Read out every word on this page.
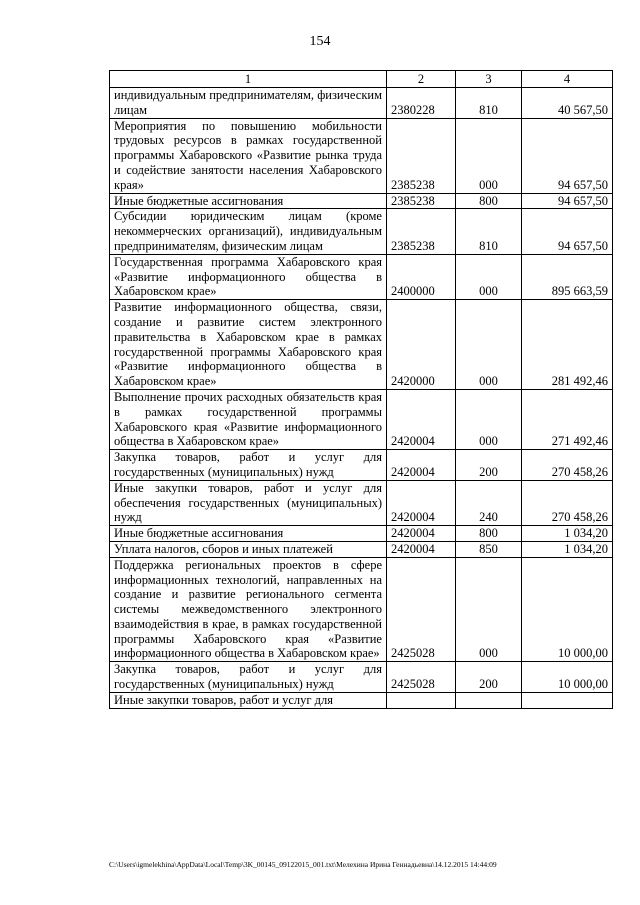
154
1	2	3	4
индивидуальным предпринимателям, физическим лицам	2380228	810	40 567,50
Мероприятия по повышению мобильности трудовых ресурсов в рамках государственной программы Хабаровского «Развитие рынка труда и содействие занятости населения Хабаровского края»	2385238	000	94 657,50
Иные бюджетные ассигнования	2385238	800	94 657,50
Субсидии юридическим лицам (кроме некоммерческих организаций), индивидуальным предпринимателям, физическим лицам	2385238	810	94 657,50
Государственная программа Хабаровского края «Развитие информационного общества в Хабаровском крае»	2400000	000	895 663,59
Развитие информационного общества, связи, создание и развитие систем электронного правительства в Хабаровском крае в рамках государственной программы Хабаровского края «Развитие информационного общества в Хабаровском крае»	2420000	000	281 492,46
Выполнение прочих расходных обязательств края в рамках государственной программы Хабаровского края «Развитие информационного общества в Хабаровском крае»	2420004	000	271 492,46
Закупка товаров, работ и услуг для государственных (муниципальных) нужд	2420004	200	270 458,26
Иные закупки товаров, работ и услуг для обеспечения государственных (муниципальных) нужд	2420004	240	270 458,26
Иные бюджетные ассигнования	2420004	800	1 034,20
Уплата налогов, сборов и иных платежей	2420004	850	1 034,20
Поддержка региональных проектов в сфере информационных технологий, направленных на создание и развитие регионального сегмента системы межведомственного электронного взаимодействия в крае, в рамках государственной программы Хабаровского края «Развитие информационного общества в Хабаровском крае»	2425028	000	10 000,00
Закупка товаров, работ и услуг для государственных (муниципальных) нужд	2425028	200	10 000,00
Иные закупки товаров, работ и услуг для			
C:\Users\igmelekhina\AppData\Local\Temp\3K_00145_09122015_001.txt\Мелехина Ирина Геннадьевна\14.12.2015 14:44:09
